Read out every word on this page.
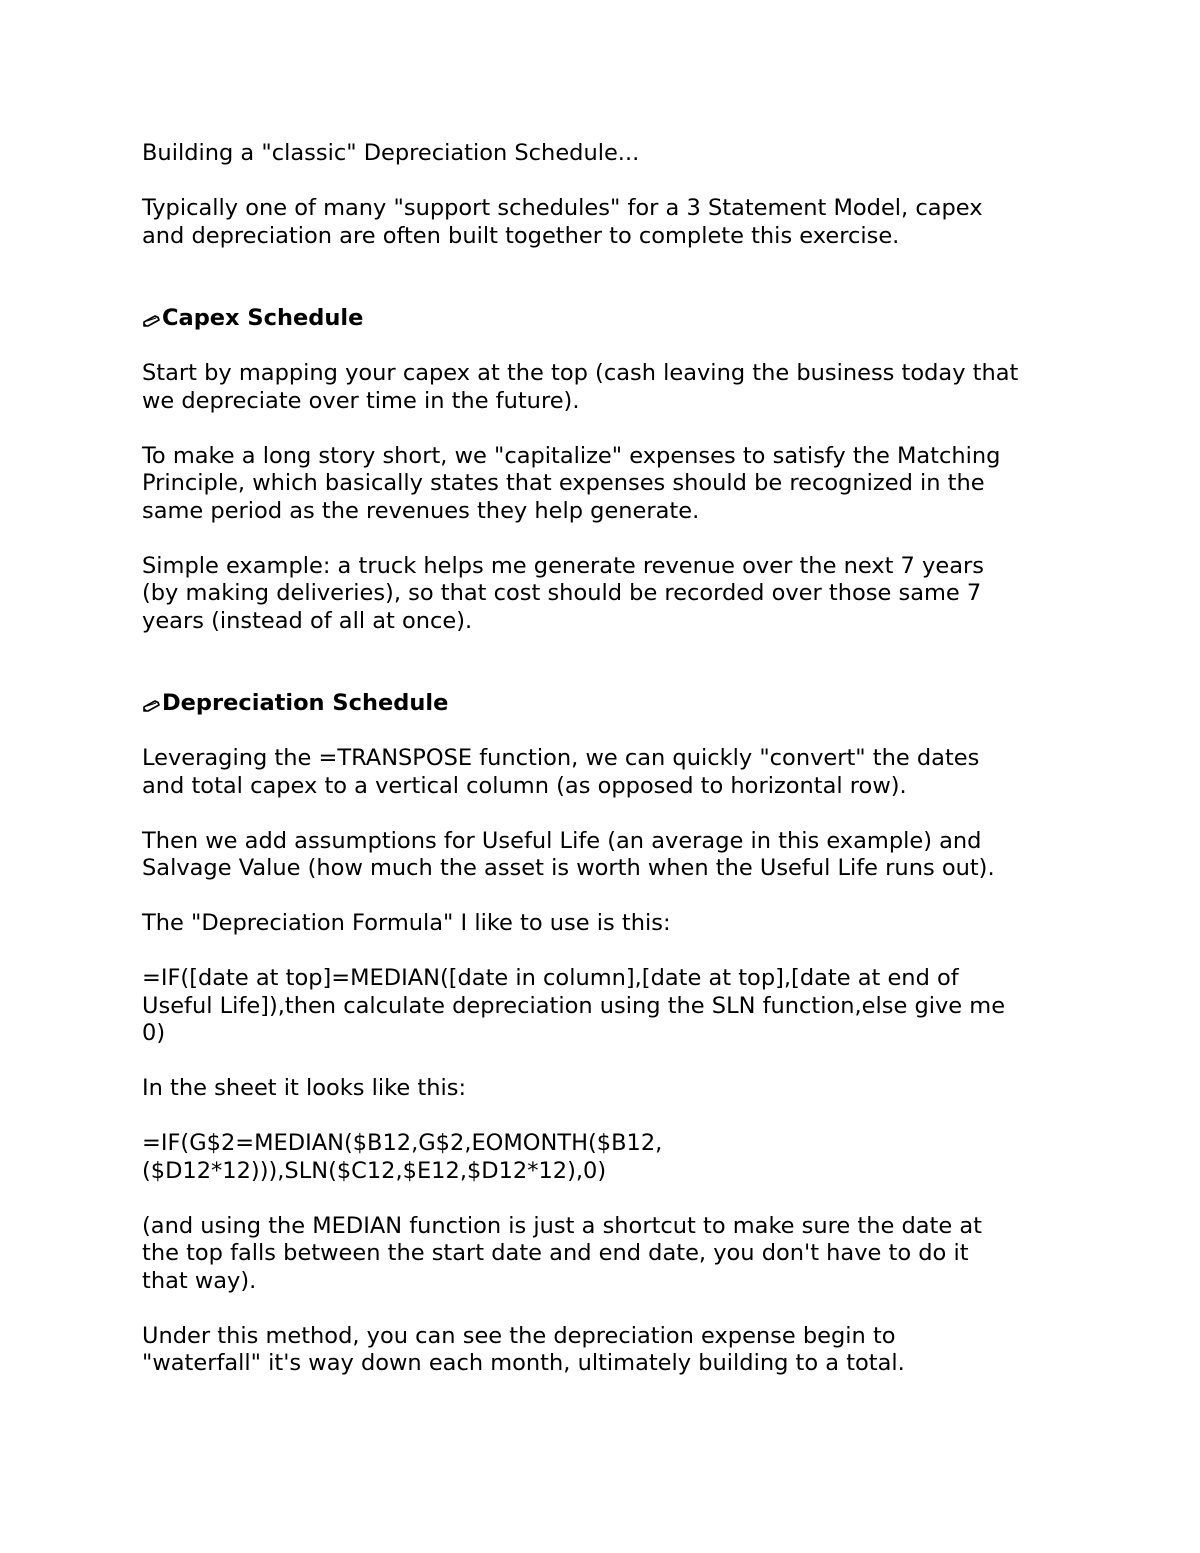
Building a "classic" Depreciation Schedule...

Typically one of many "support schedules" for a 3 Statement Model, capex
and depreciation are often built together to complete this exercise.

Capex Schedule

Start by mapping your capex at the top (cash leaving the business today that
we depreciate over time in the future).

To make a long story short, we "capitalize" expenses to satisfy the Matching
Principle, which basically states that expenses should be recognized in the
same period as the revenues they help generate.

Simple example: a truck helps me generate revenue over the next 7 years
(by making deliveries), so that cost should be recorded over those same 7
years (instead of all at once).

Depreciation Schedule

Leveraging the =TRANSPOSE function, we can quickly "convert" the dates
and total capex to a vertical column (as opposed to horizontal row).

Then we add assumptions for Useful Life (an average in this example) and
Salvage Value (how much the asset is worth when the Useful Life runs out).

The "Depreciation Formula" I like to use is this:

=IF([date at top]=MEDIAN([date in column],[date at top],[date at end of
Useful Life]),then calculate depreciation using the SLN function,else give me
0)

In the sheet it looks like this:

=IF(G$2=MEDIAN($B12,G$2,EOMONTH($B12,
($D12*12))),SLN($C12,$E12,$D12*12),0)

(and using the MEDIAN function is just a shortcut to make sure the date at
the top falls between the start date and end date, you don't have to do it
that way).

Under this method, you can see the depreciation expense begin to
"waterfall" it's way down each month, ultimately building to a total.
